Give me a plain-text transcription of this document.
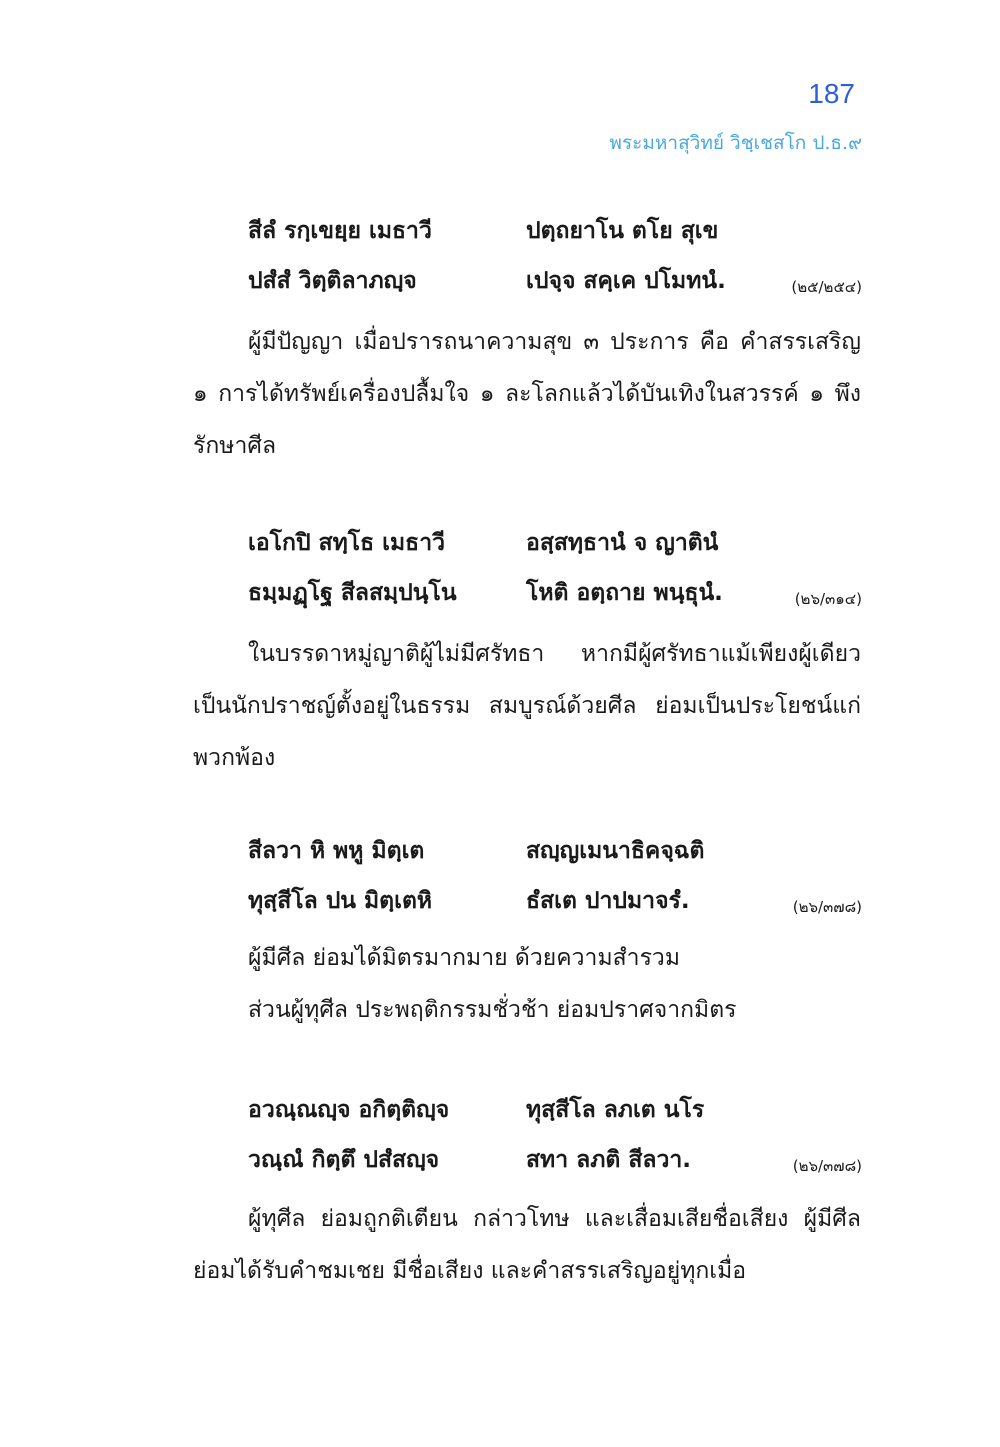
187
พระมหาสุวิทย์ วิชฺเชสโก ป.ธ.๙
สีลํ รกฺเขยฺย เมธาวี	ปตฺถยาโน ตโย สุเข
ปสํสํ วิตฺติลาภญฺจ	เปจฺจ สคฺเค ปโมทนํ.	(๒๕/๒๕๔)
ผู้มีปัญญา เมื่อปรารถนาความสุข ๓ ประการ คือ คำสรรเสริญ ๑ การได้ทรัพย์เครื่องปลื้มใจ ๑ ละโลกแล้วได้บันเทิงในสวรรค์ ๑ พึงรักษาศีล
เอโกปิ สทฺโธ เมธาวี	อสฺสทฺธานํ จ ญาตินํ
ธมฺมฏฺโฐ สีลสมฺปนฺโน	โหติ อตฺถาย พนฺธุนํ.	(๒๖/๓๑๔)
ในบรรดาหมู่ญาติผู้ไม่มีศรัทธา หากมีผู้ศรัทธาแม้เพียงผู้เดียว เป็นนักปราชญ์ตั้งอยู่ในธรรม สมบูรณ์ด้วยศีล ย่อมเป็นประโยชน์แก่พวกพ้อง
สีลวา หิ พหู มิตฺเต	สญฺญเมนาธิคจฺฉติ
ทุสฺสีโล ปน มิตฺเตหิ	ธํสเต ปาปมาจรํ.	(๒๖/๓๗๘)
ผู้มีศีล ย่อมได้มิตรมากมาย ด้วยความสำรวม
ส่วนผู้ทุศีล ประพฤติกรรมชั่วช้า ย่อมปราศจากมิตร
อวณฺณญฺจ อกิตฺติญฺจ	ทุสฺสีโล ลภเต นโร
วณฺณํ กิตฺตึ ปสํสญฺจ	สทา ลภติ สีลวา.	(๒๖/๓๗๘)
ผู้ทุศีล ย่อมถูกติเตียน กล่าวโทษ และเสื่อมเสียชื่อเสียง ผู้มีศีลย่อมได้รับคำชมเชย มีชื่อเสียง และคำสรรเสริญอยู่ทุกเมื่อ
